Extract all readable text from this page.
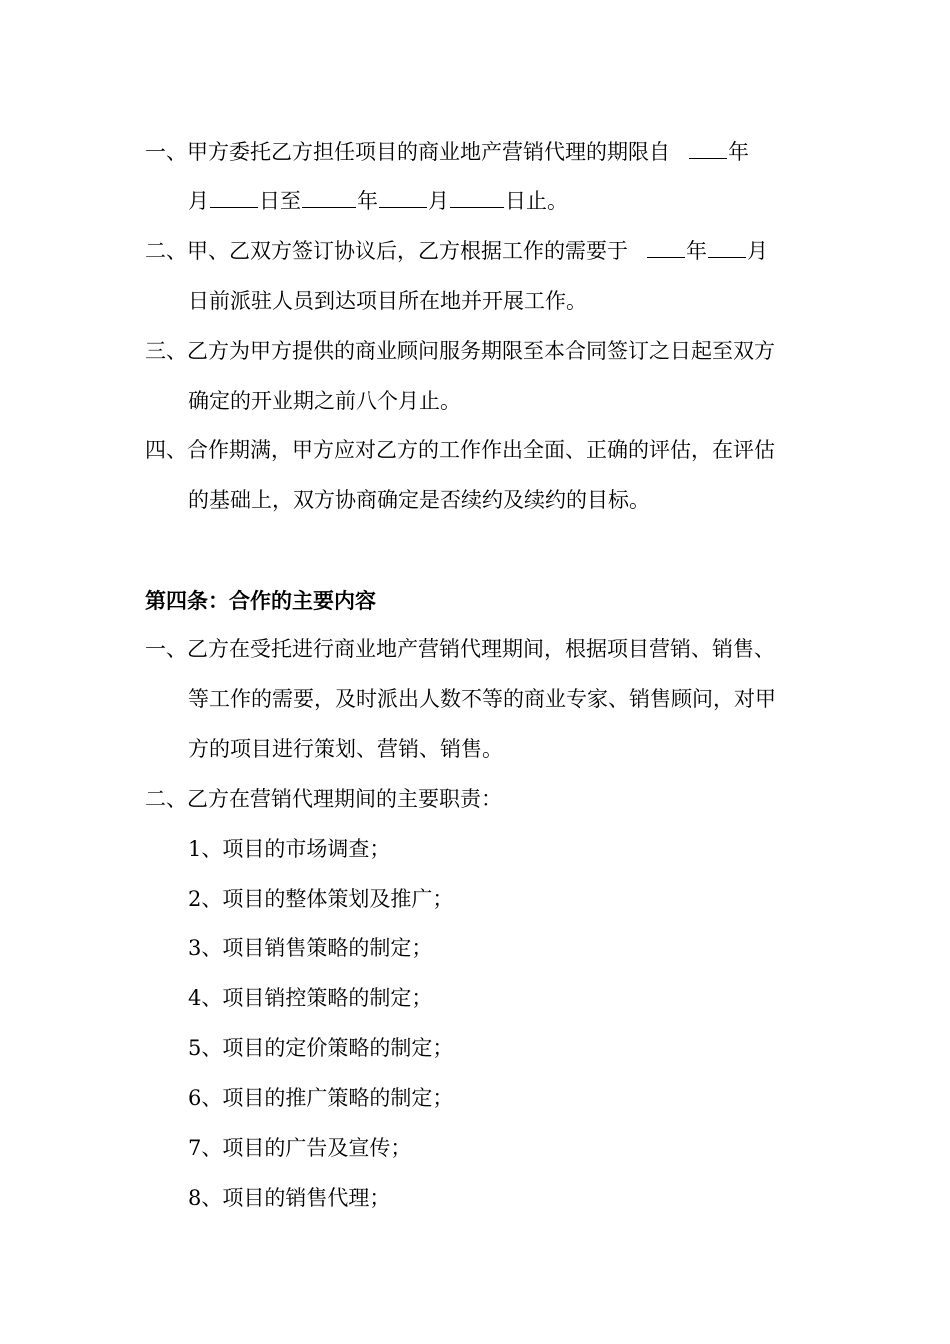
一、甲方委托乙方担任项目的商业地产营销代理的期限自	年
月 日至	年 月	日止。
二、甲、乙双方签订协议后，乙方根据工作的需要于	年 月
日前派驻人员到达项目所在地并开展工作。
三、乙方为甲方提供的商业顾问服务期限至本合同签订之日起至双方
确定的开业期之前八个月止。
四、合作期满，甲方应对乙方的工作作出全面、正确的评估，在评估
的基础上，双方协商确定是否续约及续约的目标。
第四条：合作的主要内容
一、乙方在受托进行商业地产营销代理期间，根据项目营销、销售、
等工作的需要，及时派出人数不等的商业专家、销售顾问，对甲
方的项目进行策划、营销、销售。
二、乙方在营销代理期间的主要职责：
1、项目的市场调查；
2、项目的整体策划及推广；
3、项目销售策略的制定；
4、项目销控策略的制定；
5、项目的定价策略的制定；
6、项目的推广策略的制定；
7、项目的广告及宣传；
8、项目的销售代理；
